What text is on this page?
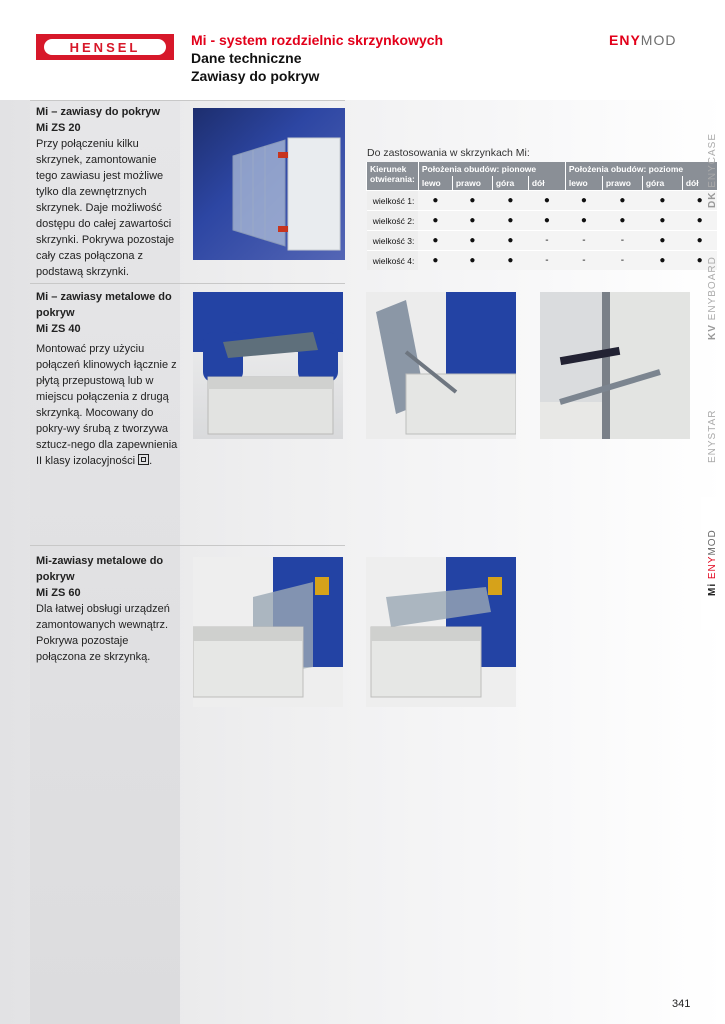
HENSEL	Mi - system rozdzielnic skrzynkowych
Dane techniczne
Zawiasy do pokryw
ENYMOD
Mi – zawiasy do pokryw
Mi ZS 20

Przy połączeniu kilku skrzynek, zamontowanie tego zawiasu jest możliwe tylko dla zewnętrznych skrzynek. Daje możliwość dostępu do całej zawartości skrzynki. Pokrywa pozostaje cały czas połączona z podstawą skrzynki.

Mi – zawiasy metalowe do pokryw
Mi ZS 40

Montować przy użyciu połączeń klinowych łącznie z płytą przepustową lub w miejscu połączenia z drugą skrzynką. Mocowany do pokry-wy śrubą z tworzywa sztucz-nego dla zapewnienia II klasy izolacyjności .

Mi-zawiasy metalowe do pokryw
Mi ZS 60

Dla łatwej obsługi urządzeń zamontowanych wewnątrz. Pokrywa pozostaje połączona ze skrzynką.

Do zastosowania w skrzynkach Mi:
Kierunek otwierania:	Położenia obudów: pionowe				Położenia obudów: poziome			
	lewo	prawo	góra	dół	lewo	prawo	góra	dół
wielkość 1:	●	●	●	●	●	●	●	●
wielkość 2:	●	●	●	●	●	●	●	●
wielkość 3:	●	●	●	-	-	-	●	●
wielkość 4:	●	●	●	-	-	-	●	●
DK ENYCASE
KV ENYBOARD
ENYSTAR
Mi ENYMOD
341
